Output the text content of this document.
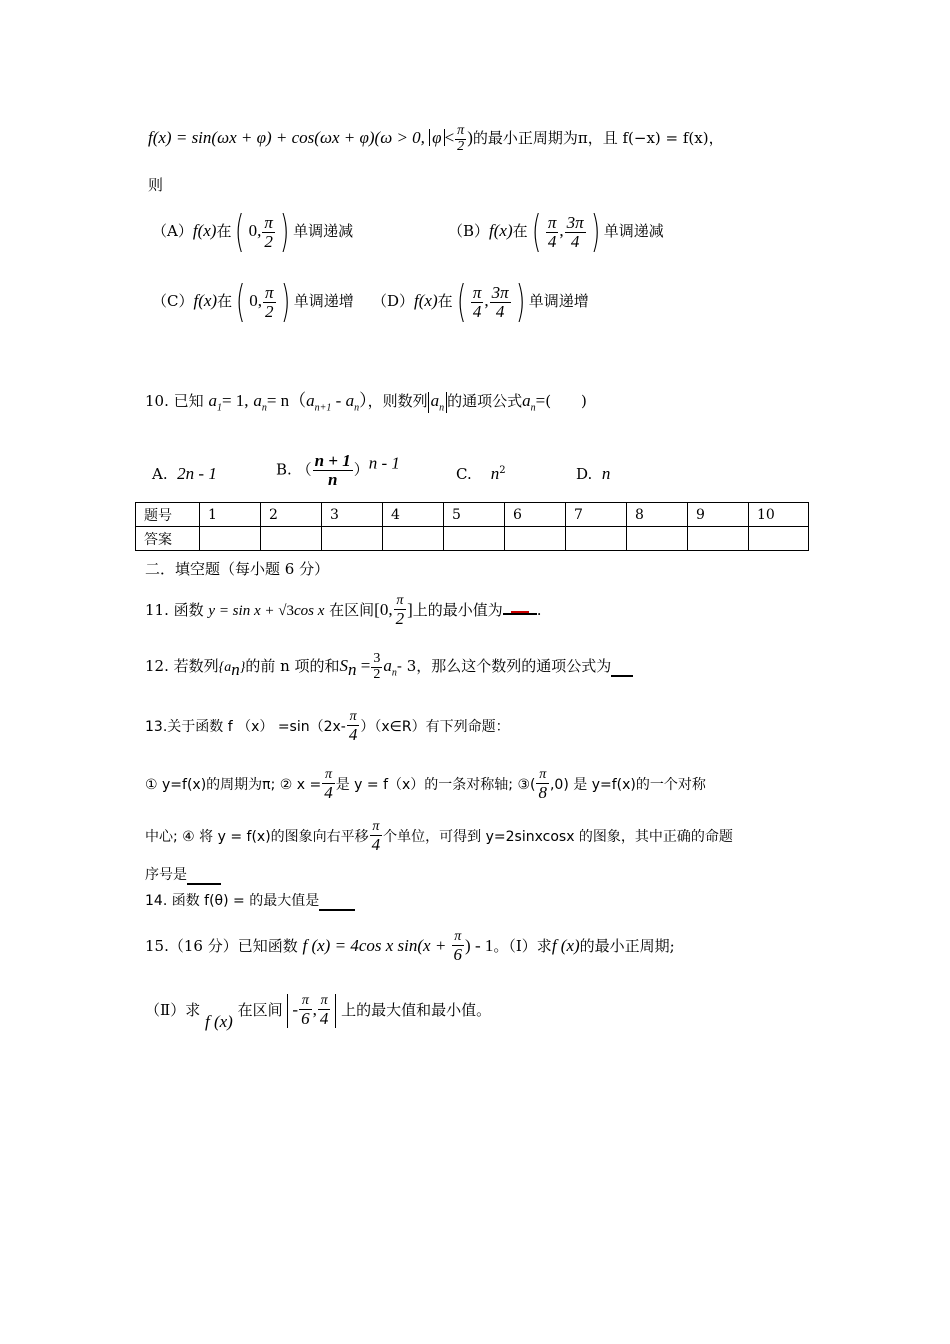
f(x) = sin(ωx + φ) + cos(ωx + φ)(ω > 0, $\varphi < \frac{\pi}{2}$ )的最小正周期为π，且 f(−x) = f(x)，
则
（A）f(x)在( 0, $\frac{\pi}{2}$ ) 单调递减	（B）f(x)在( $\frac{\pi}{4}$ , $\frac{3\pi}{4}$ ) 单调递减
（C）f(x)在( 0, $\frac{\pi}{2}$ ) 单调递增 （D）f(x)在( $\frac{\pi}{4}$ , $\frac{3\pi}{4}$ ) 单调递增
10. 已知 $a_1= 1$, $a_n= n(a_{n+1} - a_n)$，则数列 $a_n$ 的通项公式$a_n=$(　　)
A. 2n - 1	B. （ $\frac{n + 1}{n} )^{n - 1}$
C. $n^2$	D. n
题号	1	2	3	4	5	6	7	8	9	10
答案										
二．填空题（每小题 6 分）
11. 函数 y = sin x + √3cos x 在区间[0, π
2 ]上的最小值为 .
12. 若数列$\{a_n\}$的前 n 项的和$S_n = \frac{3}{2} a_n-$ 3，那么这个数列的通项公式为
13.关于函数 f （x） =sin（2x-
π
4 ）（x∈R）有下列命题：
① y=f(x)的周期为π; ② x =
π
4 是 y = f（x）的一条对称轴; ③(
π
8 ,0) 是 y=f(x)的一个对称
中心; ④ 将 y = f(x)的图象向右平移
π
4 个单位，可得到 y=2sinxcosx 的图象，其中正确的命题
序号是
14. 函数 f(θ) = 的最大值是
15.（16 分）已知函数 f (x) = 4cos x sin(x + π
6 ) - 1。（Ⅰ）求f (x)的最小正周期;
（Ⅱ）求 f (x) 在区间 - π
6 , π
4 上的最大值和最小值。
